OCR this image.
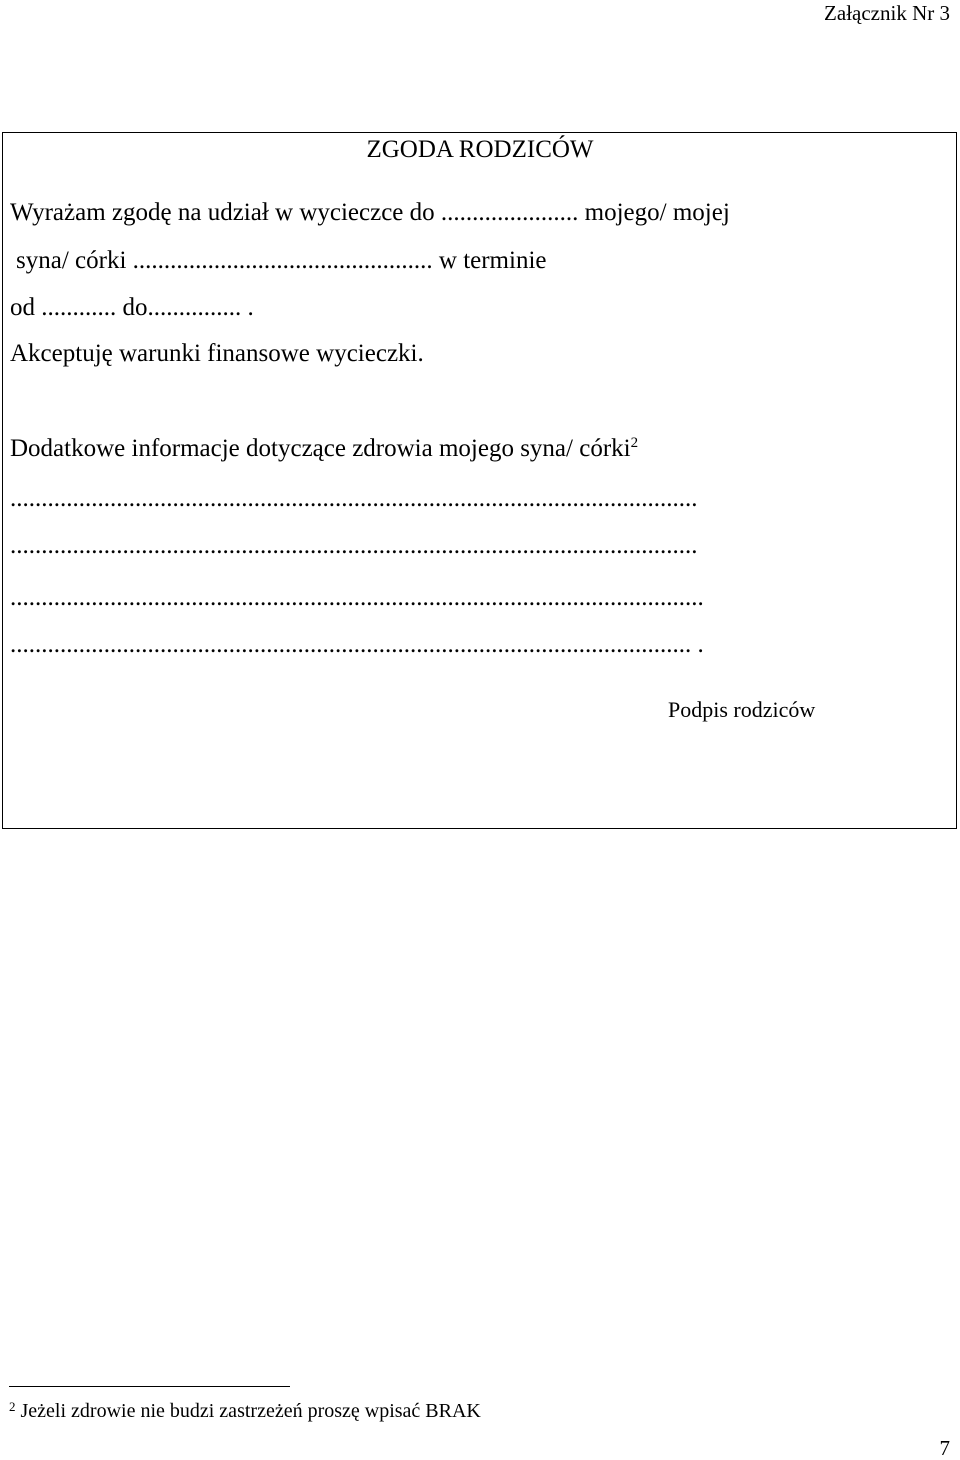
Załącznik Nr 3
ZGODA RODZICÓW
Wyrażam zgodę na udział w wycieczce do ...................... mojego/ mojej
syna/ córki ................................................ w terminie
od ............ do............... .
Akceptuję warunki finansowe wycieczki.
Dodatkowe informacje dotyczące zdrowia mojego syna/ córki$^2$
..............................................................................................................
..............................................................................................................
...............................................................................................................
............................................................................................................. .
Podpis rodziców
$^2$ Jeżeli zdrowie nie budzi zastrzeżeń proszę wpisać BRAK
7
